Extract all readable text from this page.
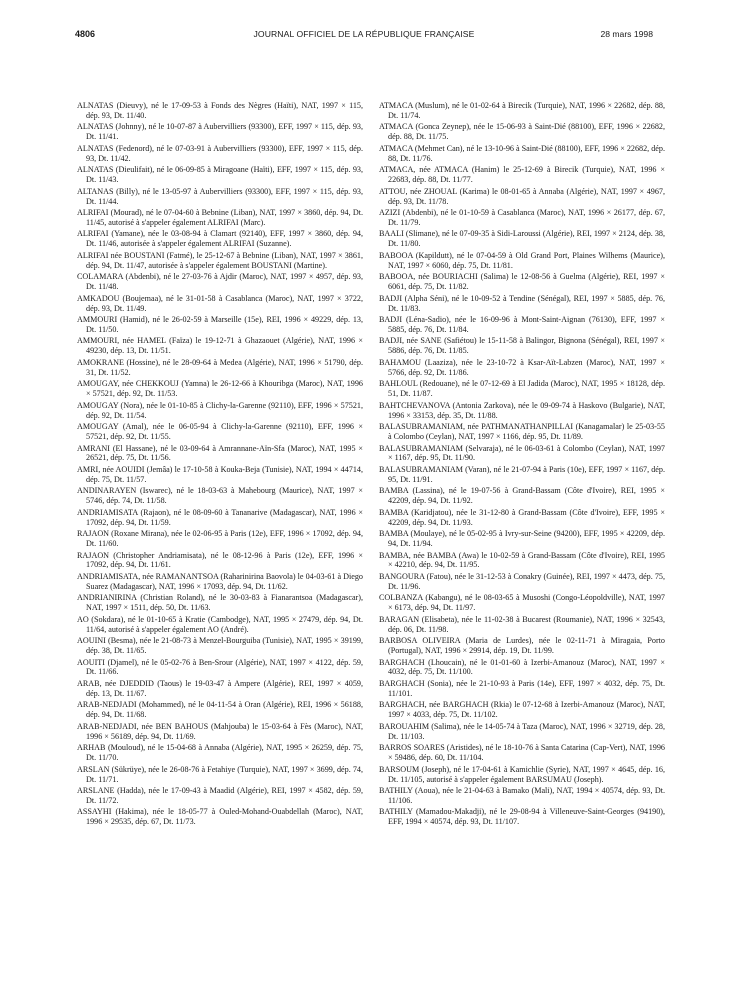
4806	JOURNAL OFFICIEL DE LA RÉPUBLIQUE FRANÇAISE	28 mars 1998

ALNATAS (Dieuvy), né le 17-09-53 à Fonds des Nègres (Haïti), NAT, 1997 × 115, dép. 93, Dt. 11/40.

ALNATAS (Johnny), né le 10-07-87 à Aubervilliers (93300), EFF, 1997 × 115, dép. 93, Dt. 11/41.

ALNATAS (Fedenord), né le 07-03-91 à Aubervilliers (93300), EFF, 1997 × 115, dép. 93, Dt. 11/42.

ALNATAS (Dieulifait), né le 06-09-85 à Miragoane (Haïti), EFF, 1997 × 115, dép. 93, Dt. 11/43.

ALTANAS (Billy), né le 13-05-97 à Aubervilliers (93300), EFF, 1997 × 115, dép. 93, Dt. 11/44.

ALRIFAI (Mourad), né le 07-04-60 à Bebnine (Liban), NAT, 1997 × 3860, dép. 94, Dt. 11/45, autorisé à s'appeler également ALRIFAI (Marc).

ALRIFAI (Yamane), née le 03-08-94 à Clamart (92140), EFF, 1997 × 3860, dép. 94, Dt. 11/46, autorisée à s'appeler également ALRIFAI (Suzanne).

ALRIFAI née BOUSTANI (Fatmé), le 25-12-67 à Bebnine (Liban), NAT, 1997 × 3861, dép. 94, Dt. 11/47, autorisée à s'appeler également BOUSTANI (Martine).

COLAMARA (Abdenbi), né le 27-03-76 à Ajdir (Maroc), NAT, 1997 × 4957, dép. 93, Dt. 11/48.

AMKADOU (Boujemaa), né le 31-01-58 à Casablanca (Maroc), NAT, 1997 × 3722, dép. 93, Dt. 11/49.

AMMOURI (Hamid), né le 26-02-59 à Marseille (15e), REI, 1996 × 49229, dép. 13, Dt. 11/50.

AMMOURI, née HAMEL (Faïza) le 19-12-71 à Ghazaouet (Algérie), NAT, 1996 × 49230, dép. 13, Dt. 11/51.

AMOKRANE (Hossine), né le 28-09-64 à Medea (Algérie), NAT, 1996 × 51790, dép. 31, Dt. 11/52.

AMOUGAY, née CHEKKOUJ (Yamna) le 26-12-66 à Khouribga (Maroc), NAT, 1996 × 57521, dép. 92, Dt. 11/53.

AMOUGAY (Nora), née le 01-10-85 à Clichy-la-Garenne (92110), EFF, 1996 × 57521, dép. 92, Dt. 11/54.

AMOUGAY (Amal), née le 06-05-94 à Clichy-la-Garenne (92110), EFF, 1996 × 57521, dép. 92, Dt. 11/55.

AMRANI (El Hassane), né le 03-09-64 à Amrannane-Aïn-Sfa (Maroc), NAT, 1995 × 26521, dép. 75, Dt. 11/56.

AMRI, née AOUIDI (Jemâa) le 17-10-58 à Kouka-Beja (Tunisie), NAT, 1994 × 44714, dép. 75, Dt. 11/57.

ANDINARAYEN (Iswarec), né le 18-03-63 à Mahebourg (Maurice), NAT, 1997 × 5746, dép. 74, Dt. 11/58.

ANDRIAMISATA (Rajaon), né le 08-09-60 à Tananarive (Madagascar), NAT, 1996 × 17092, dép. 94, Dt. 11/59.

RAJAON (Roxane Mirana), née le 02-06-95 à Paris (12e), EFF, 1996 × 17092, dép. 94, Dt. 11/60.

RAJAON (Christopher Andriamisata), né le 08-12-96 à Paris (12e), EFF, 1996 × 17092, dép. 94, Dt. 11/61.

ANDRIAMISATA, née RAMANANTSOA (Raharinirina Baovola) le 04-03-61 à Diego Suarez (Madagascar), NAT, 1996 × 17093, dép. 94, Dt. 11/62.

ANDRIANIRINA (Christian Roland), né le 30-03-83 à Fianarantsoa (Madagascar), NAT, 1997 × 1511, dép. 50, Dt. 11/63.

AO (Sokdara), né le 01-10-65 à Kratie (Cambodge), NAT, 1995 × 27479, dép. 94, Dt. 11/64, autorisé à s'appeler également AO (André).

AOUINI (Besma), née le 21-08-73 à Menzel-Bourguiba (Tunisie), NAT, 1995 × 39199, dép. 38, Dt. 11/65.

AOUITI (Djamel), né le 05-02-76 à Ben-Srour (Algérie), NAT, 1997 × 4122, dép. 59, Dt. 11/66.

ARAB, née DJEDDID (Taous) le 19-03-47 à Ampere (Algérie), REI, 1997 × 4059, dép. 13, Dt. 11/67.

ARAB-NEDJADI (Mohammed), né le 04-11-54 à Oran (Algérie), REI, 1996 × 56188, dép. 94, Dt. 11/68.

ARAB-NEDJADI, née BEN BAHOUS (Mahjouba) le 15-03-64 à Fès (Maroc), NAT, 1996 × 56189, dép. 94, Dt. 11/69.

ARHAB (Mouloud), né le 15-04-68 à Annaba (Algérie), NAT, 1995 × 26259, dép. 75, Dt. 11/70.

ARSLAN (Sükrüye), née le 26-08-76 à Fetahiye (Turquie), NAT, 1997 × 3699, dép. 74, Dt. 11/71.

ARSLANE (Hadda), née le 17-09-43 à Maadid (Algérie), REI, 1997 × 4582, dép. 59, Dt. 11/72.

ASSAYHI (Hakima), née le 18-05-77 à Ouled-Mohand-Ouabdellah (Maroc), NAT, 1996 × 29535, dép. 67, Dt. 11/73.

ATMACA (Muslum), né le 01-02-64 à Birecik (Turquie), NAT, 1996 × 22682, dép. 88, Dt. 11/74.

ATMACA (Gonca Zeynep), née le 15-06-93 à Saint-Dié (88100), EFF, 1996 × 22682, dép. 88, Dt. 11/75.

ATMACA (Mehmet Can), né le 13-10-96 à Saint-Dié (88100), EFF, 1996 × 22682, dép. 88, Dt. 11/76.

ATMACA, née ATMACA (Hanim) le 25-12-69 à Birecik (Turquie), NAT, 1996 × 22683, dép. 88, Dt. 11/77.

ATTOU, née ZHOUAL (Karima) le 08-01-65 à Annaba (Algérie), NAT, 1997 × 4967, dép. 93, Dt. 11/78.

AZIZI (Abdenbi), né le 01-10-59 à Casablanca (Maroc), NAT, 1996 × 26177, dép. 67, Dt. 11/79.

BAALI (Slimane), né le 07-09-35 à Sidi-Laroussi (Algérie), REI, 1997 × 2124, dép. 38, Dt. 11/80.

BABOOA (Kapildutt), né le 07-04-59 à Old Grand Port, Plaines Wilhems (Maurice), NAT, 1997 × 6060, dép. 75, Dt. 11/81.

BABOOA, née BOURIACHI (Salima) le 12-08-56 à Guelma (Algérie), REI, 1997 × 6061, dép. 75, Dt. 11/82.

BADJI (Alpha Séni), né le 10-09-52 à Tendine (Sénégal), REI, 1997 × 5885, dép. 76, Dt. 11/83.

BADJI (Léna-Sadio), née le 16-09-96 à Mont-Saint-Aignan (76130), EFF, 1997 × 5885, dép. 76, Dt. 11/84.

BADJI, née SANE (Safiétou) le 15-11-58 à Balingor, Bignona (Sénégal), REI, 1997 × 5886, dép. 76, Dt. 11/85.

BAHAMOU (Laaziza), née le 23-10-72 à Ksar-Aït-Labzen (Maroc), NAT, 1997 × 5766, dép. 92, Dt. 11/86.

BAHLOUL (Redouane), né le 07-12-69 à El Jadida (Maroc), NAT, 1995 × 18128, dép. 51, Dt. 11/87.

BAHTCHEVANOVA (Antonia Zarkova), née le 09-09-74 à Haskovo (Bulgarie), NAT, 1996 × 33153, dép. 35, Dt. 11/88.

BALASUBRAMANIAM, née PATHMANATHANPILLAI (Kanagamalar) le 25-03-55 à Colombo (Ceylan), NAT, 1997 × 1166, dép. 95, Dt. 11/89.

BALASUBRAMANIAM (Selvaraja), né le 06-03-61 à Colombo (Ceylan), NAT, 1997 × 1167, dép. 95, Dt. 11/90.

BALASUBRAMANIAM (Varan), né le 21-07-94 à Paris (10e), EFF, 1997 × 1167, dép. 95, Dt. 11/91.

BAMBA (Lassina), né le 19-07-56 à Grand-Bassam (Côte d'Ivoire), REI, 1995 × 42209, dép. 94, Dt. 11/92.

BAMBA (Karidjatou), née le 31-12-80 à Grand-Bassam (Côte d'Ivoire), EFF, 1995 × 42209, dép. 94, Dt. 11/93.

BAMBA (Moulaye), né le 05-02-95 à Ivry-sur-Seine (94200), EFF, 1995 × 42209, dép. 94, Dt. 11/94.

BAMBA, née BAMBA (Awa) le 10-02-59 à Grand-Bassam (Côte d'Ivoire), REI, 1995 × 42210, dép. 94, Dt. 11/95.

BANGOURA (Fatou), née le 31-12-53 à Conakry (Guinée), REI, 1997 × 4473, dép. 75, Dt. 11/96.

COLBANZA (Kabangu), né le 08-03-65 à Musoshi (Congo-Léopoldville), NAT, 1997 × 6173, dép. 94, Dt. 11/97.

BARAGAN (Elisabeta), née le 11-02-38 à Bucarest (Roumanie), NAT, 1996 × 32543, dép. 06, Dt. 11/98.

BARBOSA OLIVEIRA (Maria de Lurdes), née le 02-11-71 à Miragaia, Porto (Portugal), NAT, 1996 × 29914, dép. 19, Dt. 11/99.

BARGHACH (Lhoucain), né le 01-01-60 à Izerbi-Amanouz (Maroc), NAT, 1997 × 4032, dép. 75, Dt. 11/100.

BARGHACH (Sonia), née le 21-10-93 à Paris (14e), EFF, 1997 × 4032, dép. 75, Dt. 11/101.

BARGHACH, née BARGHACH (Rkia) le 07-12-68 à Izerbi-Amanouz (Maroc), NAT, 1997 × 4033, dép. 75, Dt. 11/102.

BAROUAHIM (Salima), née le 14-05-74 à Taza (Maroc), NAT, 1996 × 32719, dép. 28, Dt. 11/103.

BARROS SOARES (Aristides), né le 18-10-76 à Santa Catarina (Cap-Vert), NAT, 1996 × 59486, dép. 60, Dt. 11/104.

BARSOUM (Joseph), né le 17-04-61 à Kamichlie (Syrie), NAT, 1997 × 4645, dép. 16, Dt. 11/105, autorisé à s'appeler également BARSUMAU (Joseph).

BATHILY (Aoua), née le 21-04-63 à Bamako (Mali), NAT, 1994 × 40574, dép. 93, Dt. 11/106.

BATHILY (Mamadou-Makadji), né le 29-08-94 à Villeneuve-Saint-Georges (94190), EFF, 1994 × 40574, dép. 93, Dt. 11/107.
